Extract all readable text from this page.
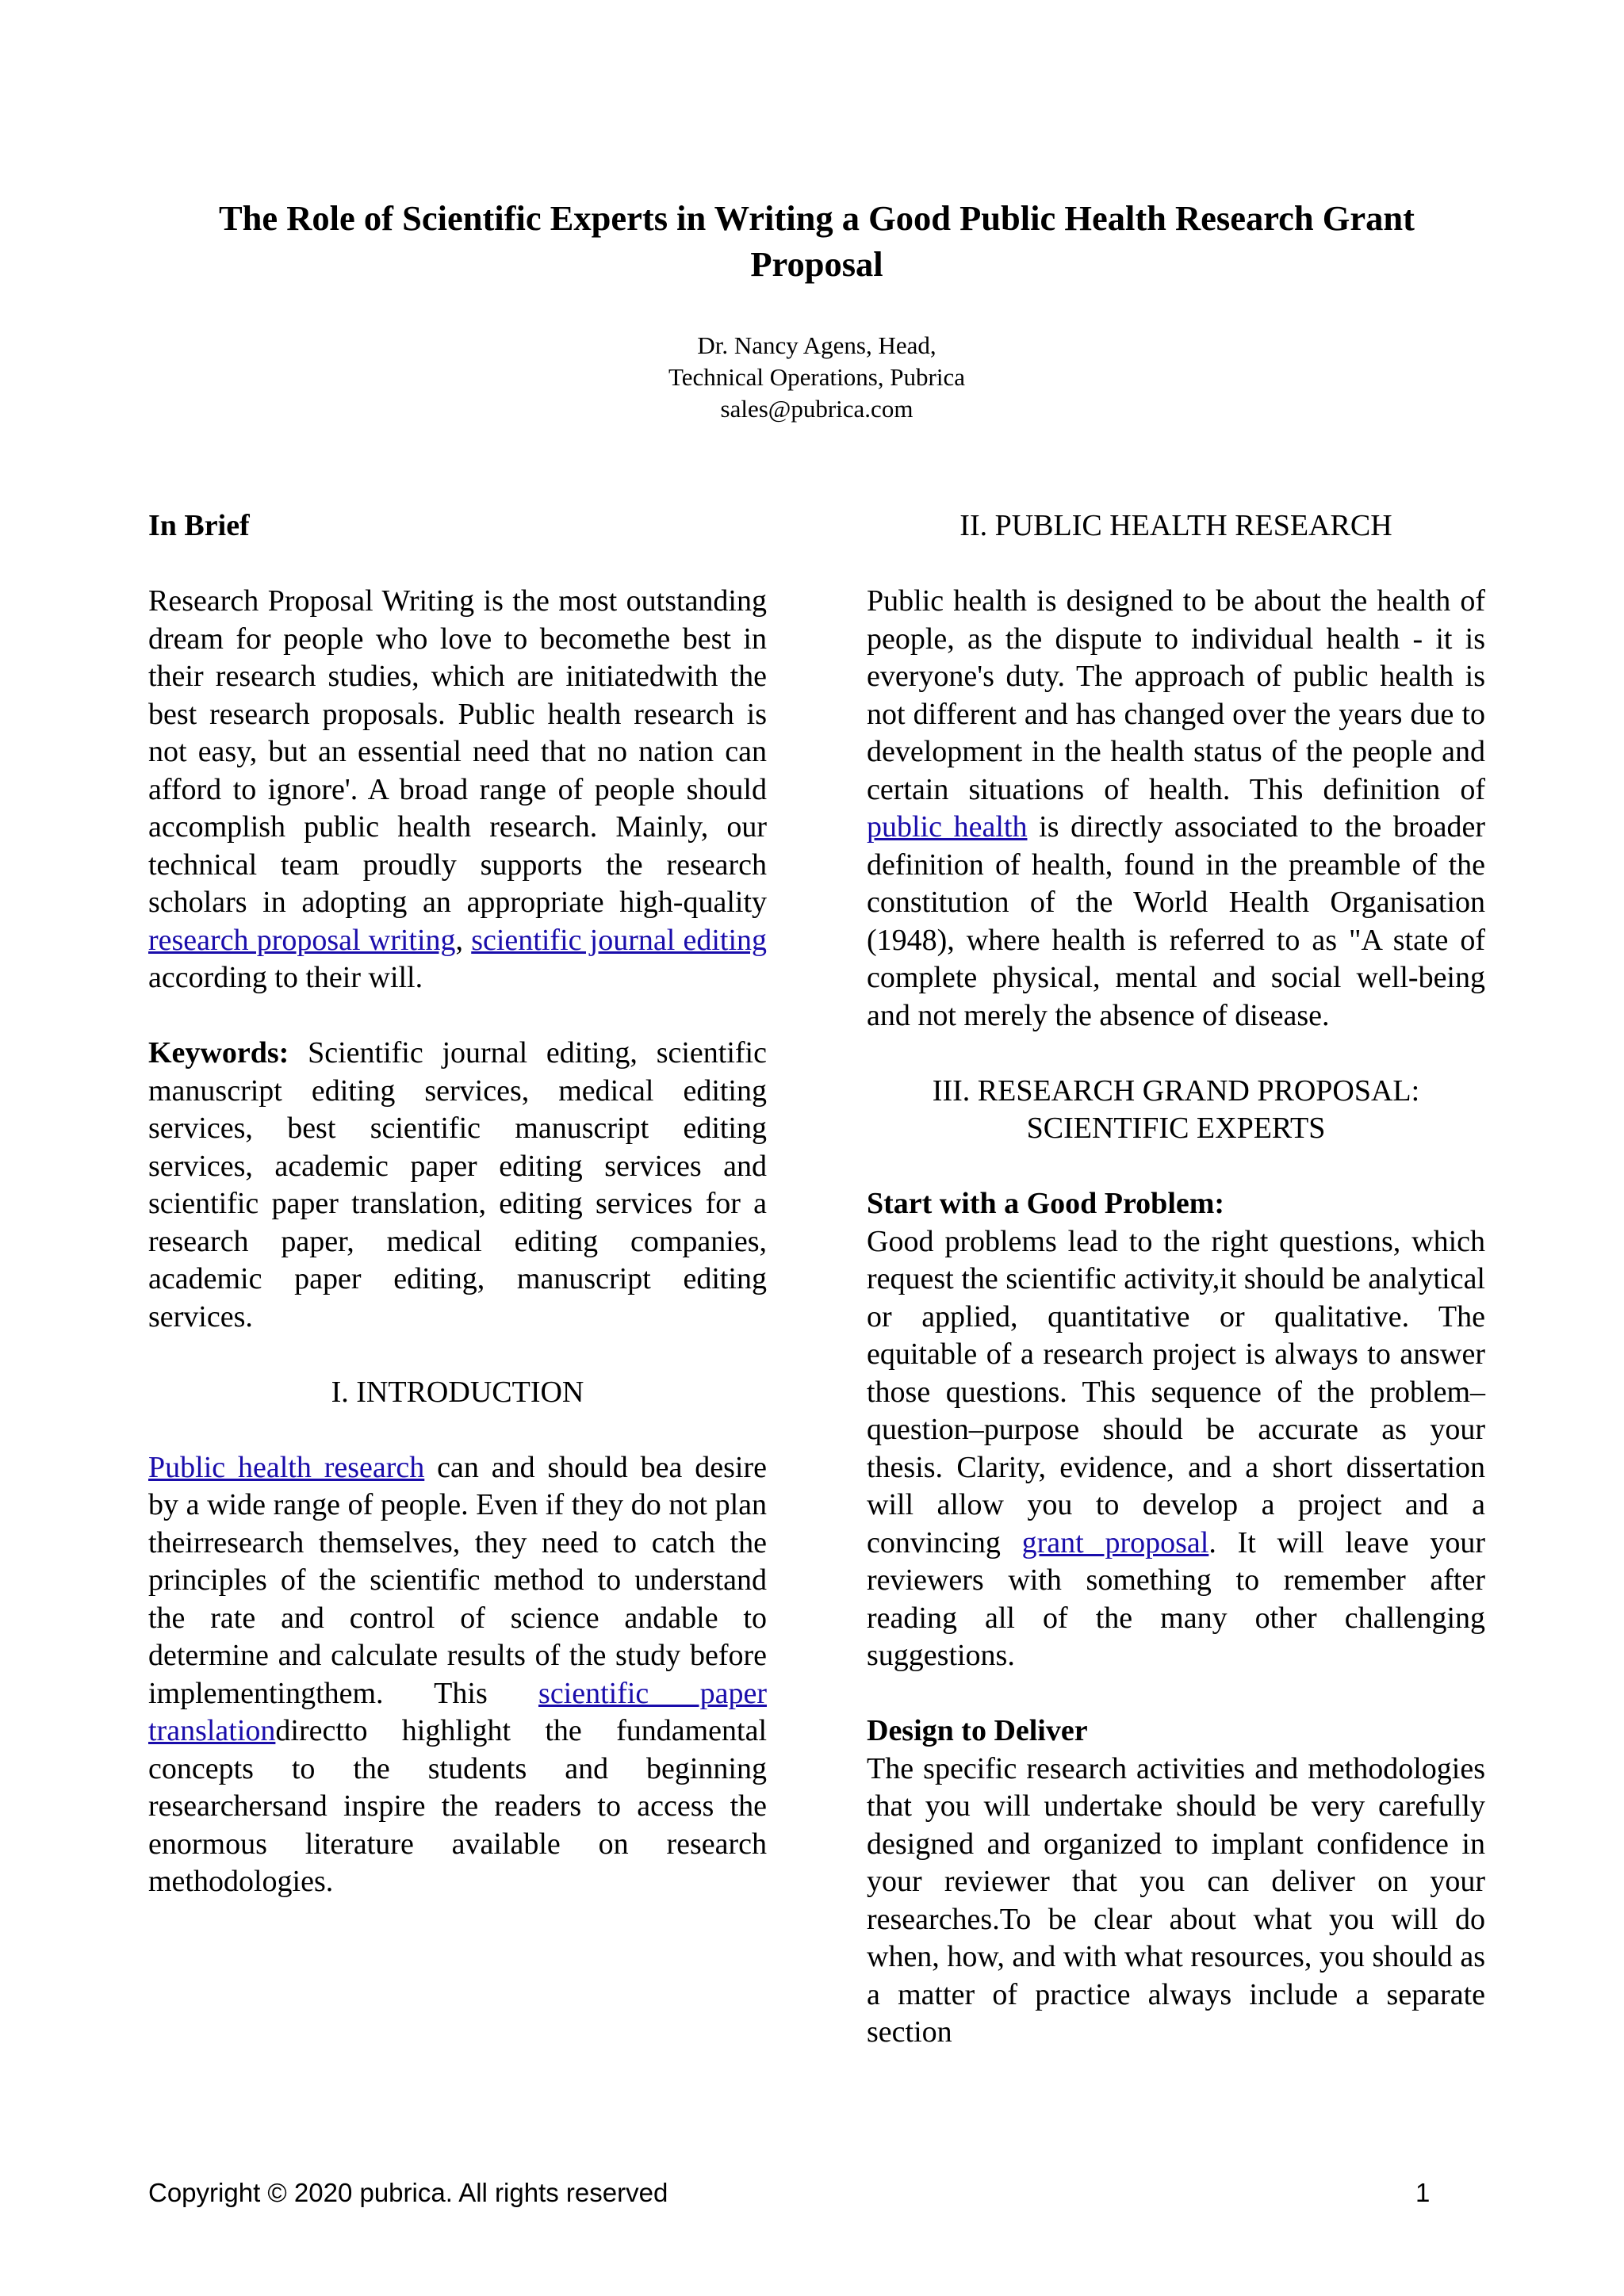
The Role of Scientific Experts in Writing a Good Public Health Research Grant Proposal
Dr. Nancy Agens, Head,
Technical Operations, Pubrica
sales@pubrica.com
In Brief

Research Proposal Writing is the most outstanding dream for people who love to becomethe best in their research studies, which are initiatedwith the best research proposals. Public health research is not easy, but an essential need that no nation can afford to ignore'. A broad range of people should accomplish public health research. Mainly, our technical team proudly supports the research scholars in adopting an appropriate high-quality research proposal writing, scientific journal editing according to their will.

Keywords: Scientific journal editing, scientific manuscript editing services, medical editing services, best scientific manuscript editing services, academic paper editing services and scientific paper translation, editing services for a research paper, medical editing companies, academic paper editing, manuscript editing services.

I. INTRODUCTION

Public health research can and should bea desire by a wide range of people. Even if they do not plan theirresearch themselves, they need to catch the principles of the scientific method to understand the rate and control of science andable to determine and calculate results of the study before implementingthem. This scientific paper translationdirectto highlight the fundamental concepts to the students and beginning researchersand inspire the readers to access the enormous literature available on research methodologies.

II. PUBLIC HEALTH RESEARCH

Public health is designed to be about the health of people, as the dispute to individual health - it is everyone's duty. The approach of public health is not different and has changed over the years due to development in the health status of the people and certain situations of health. This definition of public health is directly associated to the broader definition of health, found in the preamble of the constitution of the World Health Organisation (1948), where health is referred to as "A state of complete physical, mental and social well-being and not merely the absence of disease.

III. RESEARCH GRAND PROPOSAL:
SCIENTIFIC EXPERTS
Start with a Good Problem:

Good problems lead to the right questions, which request the scientific activity,it should be analytical or applied, quantitative or qualitative. The equitable of a research project is always to answer those questions. This sequence of the problem–question–purpose should be accurate as your thesis. Clarity, evidence, and a short dissertation will allow you to develop a project and a convincing grant proposal. It will leave your reviewers with something to remember after reading all of the many other challenging suggestions.

Design to Deliver

The specific research activities and methodologies that you will undertake should be very carefully designed and organized to implant confidence in your reviewer that you can deliver on your researches.To be clear about what you will do when, how, and with what resources, you should as a matter of practice always include a separate section

Copyright © 2020 pubrica. All rights reserved	1
